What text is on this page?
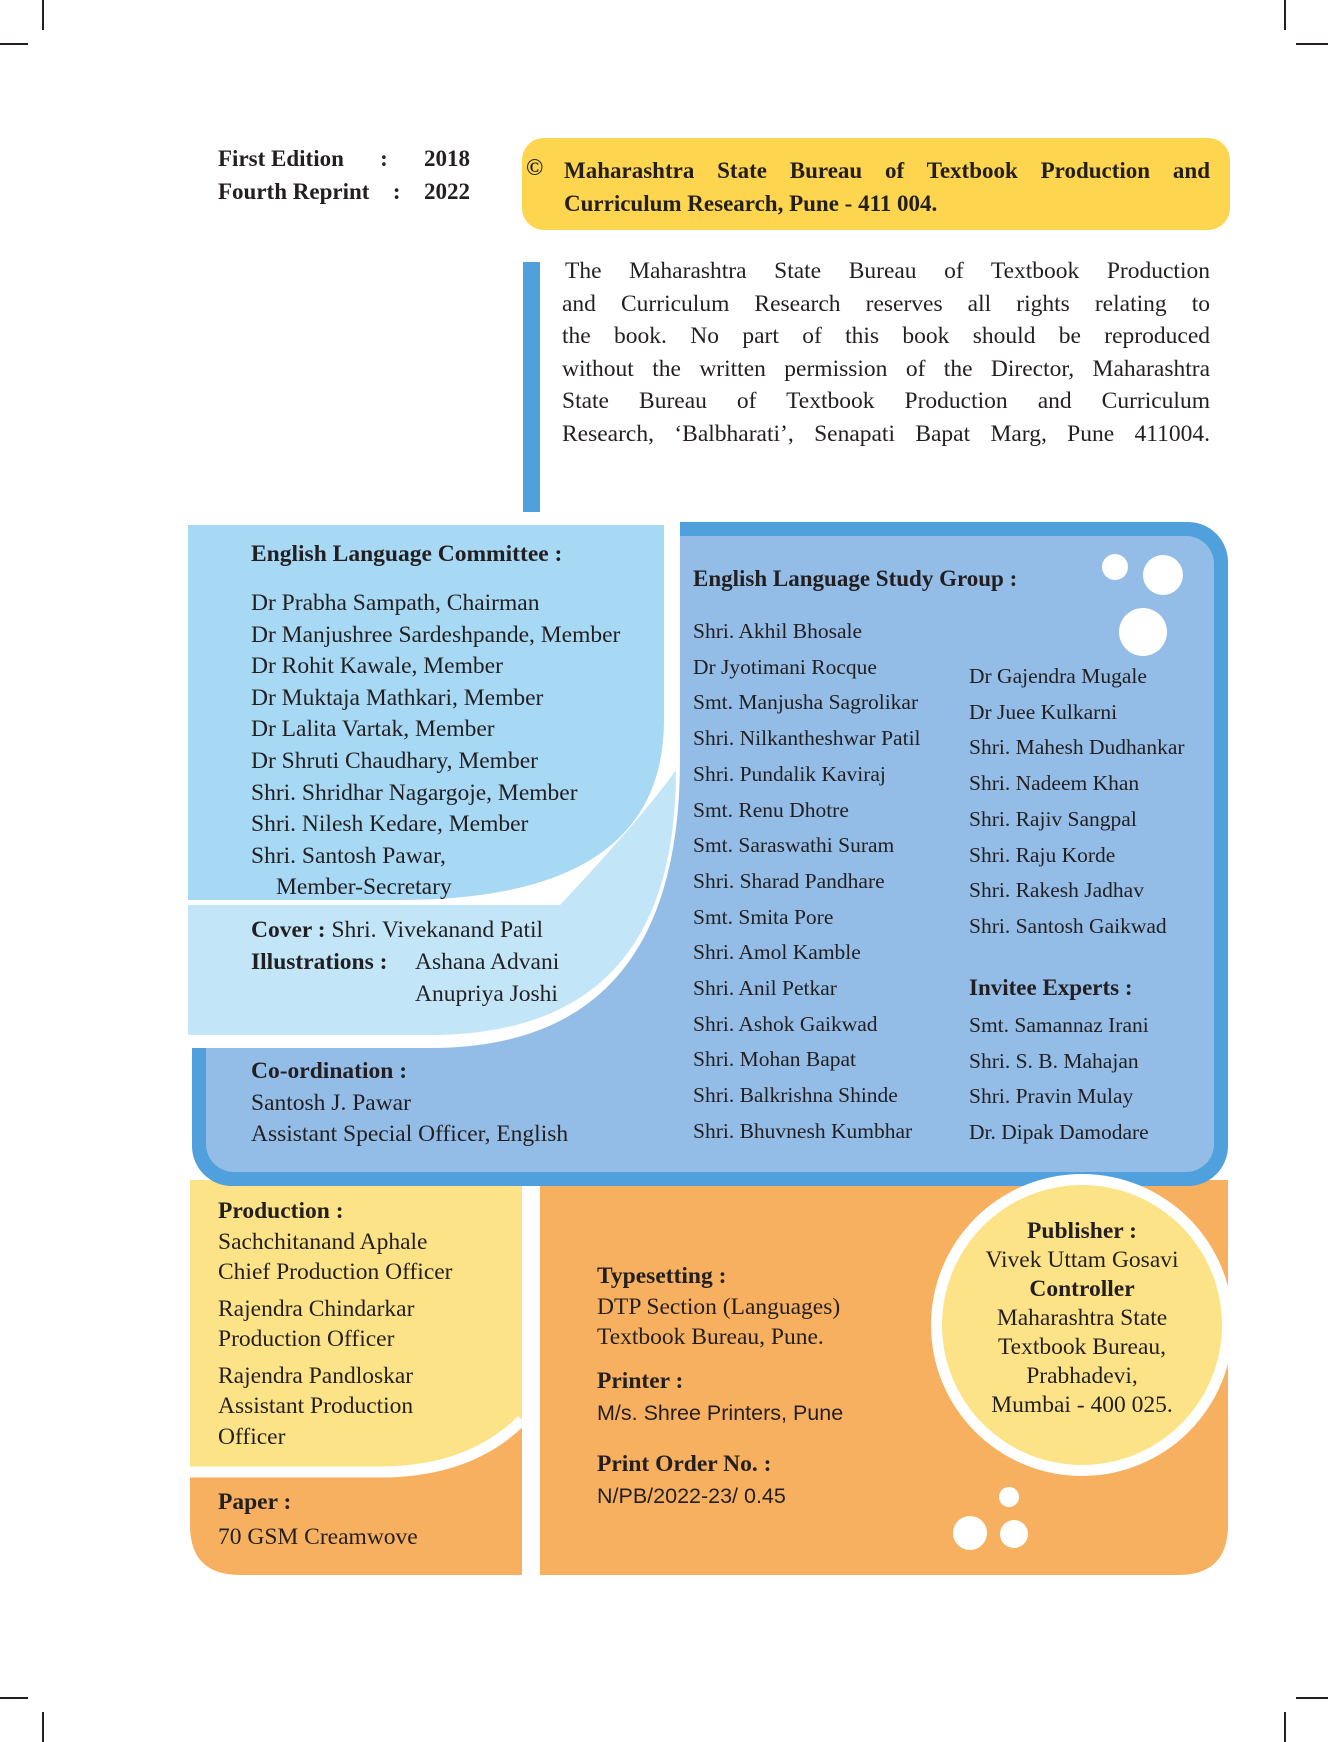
First Edition : 2018
Fourth Reprint : 2022
© Maharashtra State Bureau of Textbook Production and
Curriculum Research, Pune - 411 004.
The Maharashtra State Bureau of Textbook Production
and Curriculum Research reserves all rights relating to
the book. No part of this book should be reproduced
without the written permission of the Director, Maharashtra
State Bureau of Textbook Production and Curriculum
Research, ‘Balbharati’, Senapati Bapat Marg, Pune 411004.
English Language Committee :
Dr Prabha Sampath, Chairman
Dr Manjushree Sardeshpande, Member
Dr Rohit Kawale, Member
Dr Muktaja Mathkari, Member
Dr Lalita Vartak, Member
Dr Shruti Chaudhary, Member
Shri. Shridhar Nagargoje, Member
Shri. Nilesh Kedare, Member
Shri. Santosh Pawar,
Member-Secretary
Cover : Shri. Vivekanand Patil
Illustrations : Ashana Advani
Anupriya Joshi
Co-ordination :
Santosh J. Pawar
Assistant Special Officer, English
English Language Study Group :
Shri. Akhil Bhosale
Dr Jyotimani Rocque
Smt. Manjusha Sagrolikar
Shri. Nilkantheshwar Patil
Shri. Pundalik Kaviraj
Smt. Renu Dhotre
Smt. Saraswathi Suram
Shri. Sharad Pandhare
Smt. Smita Pore
Shri. Amol Kamble
Shri. Anil Petkar
Shri. Ashok Gaikwad
Shri. Mohan Bapat
Shri. Balkrishna Shinde
Shri. Bhuvnesh Kumbhar
Dr Gajendra Mugale
Dr Juee Kulkarni
Shri. Mahesh Dudhankar
Shri. Nadeem Khan
Shri. Rajiv Sangpal
Shri. Raju Korde
Shri. Rakesh Jadhav
Shri. Santosh Gaikwad
Invitee Experts :
Smt. Samannaz Irani
Shri. S. B. Mahajan
Shri. Pravin Mulay
Dr. Dipak Damodare
Production :
Sachchitanand Aphale
Chief Production Officer
Rajendra Chindarkar
Production Officer
Rajendra Pandloskar
Assistant Production
Officer
Paper :
70 GSM Creamwove
Typesetting :
DTP Section (Languages)
Textbook Bureau, Pune.
Printer :
M/s. Shree Printers, Pune
Print Order No. :
N/PB/2022-23/ 0.45
Publisher :
Vivek Uttam Gosavi
Controller
Maharashtra State
Textbook Bureau,
Prabhadevi,
Mumbai - 400 025.
